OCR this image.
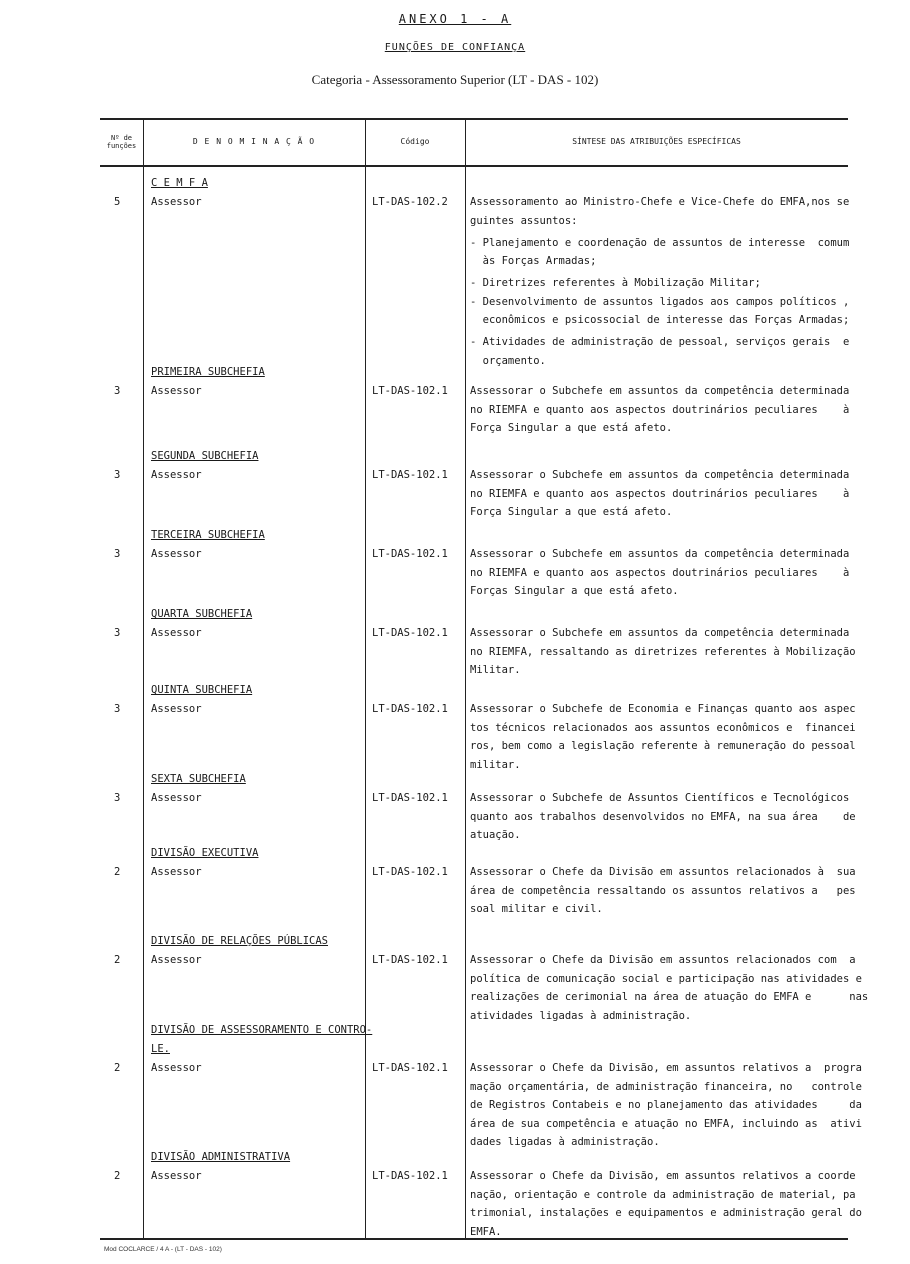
ANEXO 1 - A
FUNÇÕES DE CONFIANÇA
Categoria - Assessoramento Superior (LT - DAS - 102)
Nº de funções	D E N O M I N A Ç Ã O	Código	SÍNTESE DAS ATRIBUIÇÕES ESPECÍFICAS
C E M F A
5	Assessor	LT-DAS-102.2 Assessoramento ao Ministro-Chefe e Vice-Chefe do EMFA,nos se
guintes assuntos:
- Planejamento e coordenação de assuntos de interesse  comum
às Forças Armadas;
- Diretrizes referentes à Mobilização Militar;
- Desenvolvimento de assuntos ligados aos campos políticos ,
econômicos e psicossocial de interesse das Forças Armadas;
- Atividades de administração de pessoal, serviços gerais  e
orçamento.
PRIMEIRA SUBCHEFIA
3	Assessor	LT-DAS-102.1 Assessorar o Subchefe em assuntos da competência determinada
no RIEMFA e quanto aos aspectos doutrinários peculiares    à
Força Singular a que está afeto.
SEGUNDA SUBCHEFIA
3	Assessor	LT-DAS-102.1 Assessorar o Subchefe em assuntos da competência determinada
no RIEMFA e quanto aos aspectos doutrinários peculiares    à
Força Singular a que está afeto.
TERCEIRA SUBCHEFIA
3	Assessor	LT-DAS-102.1 Assessorar o Subchefe em assuntos da competência determinada
no RIEMFA e quanto aos aspectos doutrinários peculiares    à
Forças Singular a que está afeto.
QUARTA SUBCHEFIA
3	Assessor	LT-DAS-102.1 Assessorar o Subchefe em assuntos da competência determinada
no RIEMFA, ressaltando as diretrizes referentes à Mobilização
Militar.
QUINTA SUBCHEFIA
3	Assessor	LT-DAS-102.1 Assessorar o Subchefe de Economia e Finanças quanto aos aspec
tos técnicos relacionados aos assuntos econômicos e  financei
ros, bem como a legislação referente à remuneração do pessoal
militar.
SEXTA SUBCHEFIA
3	Assessor	LT-DAS-102.1 Assessorar o Subchefe de Assuntos Científicos e Tecnológicos
quanto aos trabalhos desenvolvidos no EMFA, na sua área    de
atuação.
DIVISÃO EXECUTIVA
2	Assessor	LT-DAS-102.1 Assessorar o Chefe da Divisão em assuntos relacionados à  sua
área de competência ressaltando os assuntos relativos a   pes
soal militar e civil.
DIVISÃO DE RELAÇÕES PÚBLICAS
2	Assessor	LT-DAS-102.1 Assessorar o Chefe da Divisão em assuntos relacionados com  a
política de comunicação social e participação nas atividades e
realizações de cerimonial na área de atuação do EMFA e      nas
atividades ligadas à administração.
DIVISÃO DE ASSESSORAMENTO E CONTRO-
LE.
2	Assessor	LT-DAS-102.1 Assessorar o Chefe da Divisão, em assuntos relativos a  progra
mação orçamentária, de administração financeira, no   controle
de Registros Contabeis e no planejamento das atividades     da
área de sua competência e atuação no EMFA, incluindo as  ativi
dades ligadas à administração.
DIVISÃO ADMINISTRATIVA
2	Assessor	LT-DAS-102.1 Assessorar o Chefe da Divisão, em assuntos relativos a coorde
nação, orientação e controle da administração de material, pa
trimonial, instalações e equipamentos e administração geral do
EMFA.
Mod COCLARCE / 4 A - (LT - DAS - 102)
